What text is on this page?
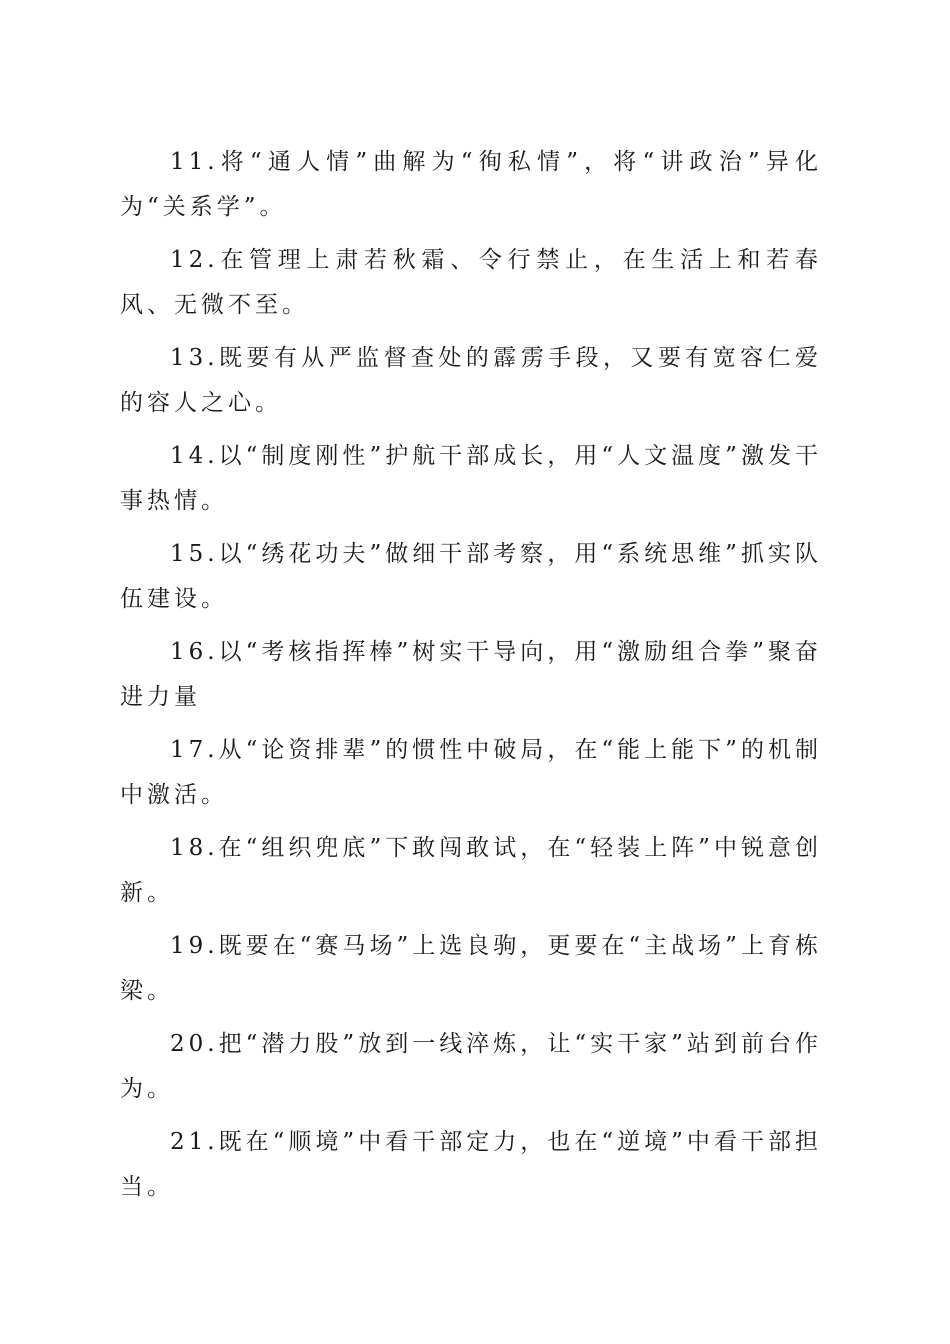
11.将“通人情”曲解为“徇私情”，将“讲政治”异化为“关系学”。

12.在管理上肃若秋霜、令行禁止，在生活上和若春风、无微不至。

13.既要有从严监督查处的霹雳手段，又要有宽容仁爱的容人之心。

14.以“制度刚性”护航干部成长，用“人文温度”激发干事热情。

15.以“绣花功夫”做细干部考察，用“系统思维”抓实队伍建设。

16.以“考核指挥棒”树实干导向，用“激励组合拳”聚奋进力量

17.从“论资排辈”的惯性中破局，在“能上能下”的机制中激活。

18.在“组织兜底”下敢闯敢试，在“轻装上阵”中锐意创新。

19.既要在“赛马场”上选良驹，更要在“主战场”上育栋梁。

20.把“潜力股”放到一线淬炼，让“实干家”站到前台作为。

21.既在“顺境”中看干部定力，也在“逆境”中看干部担当。
